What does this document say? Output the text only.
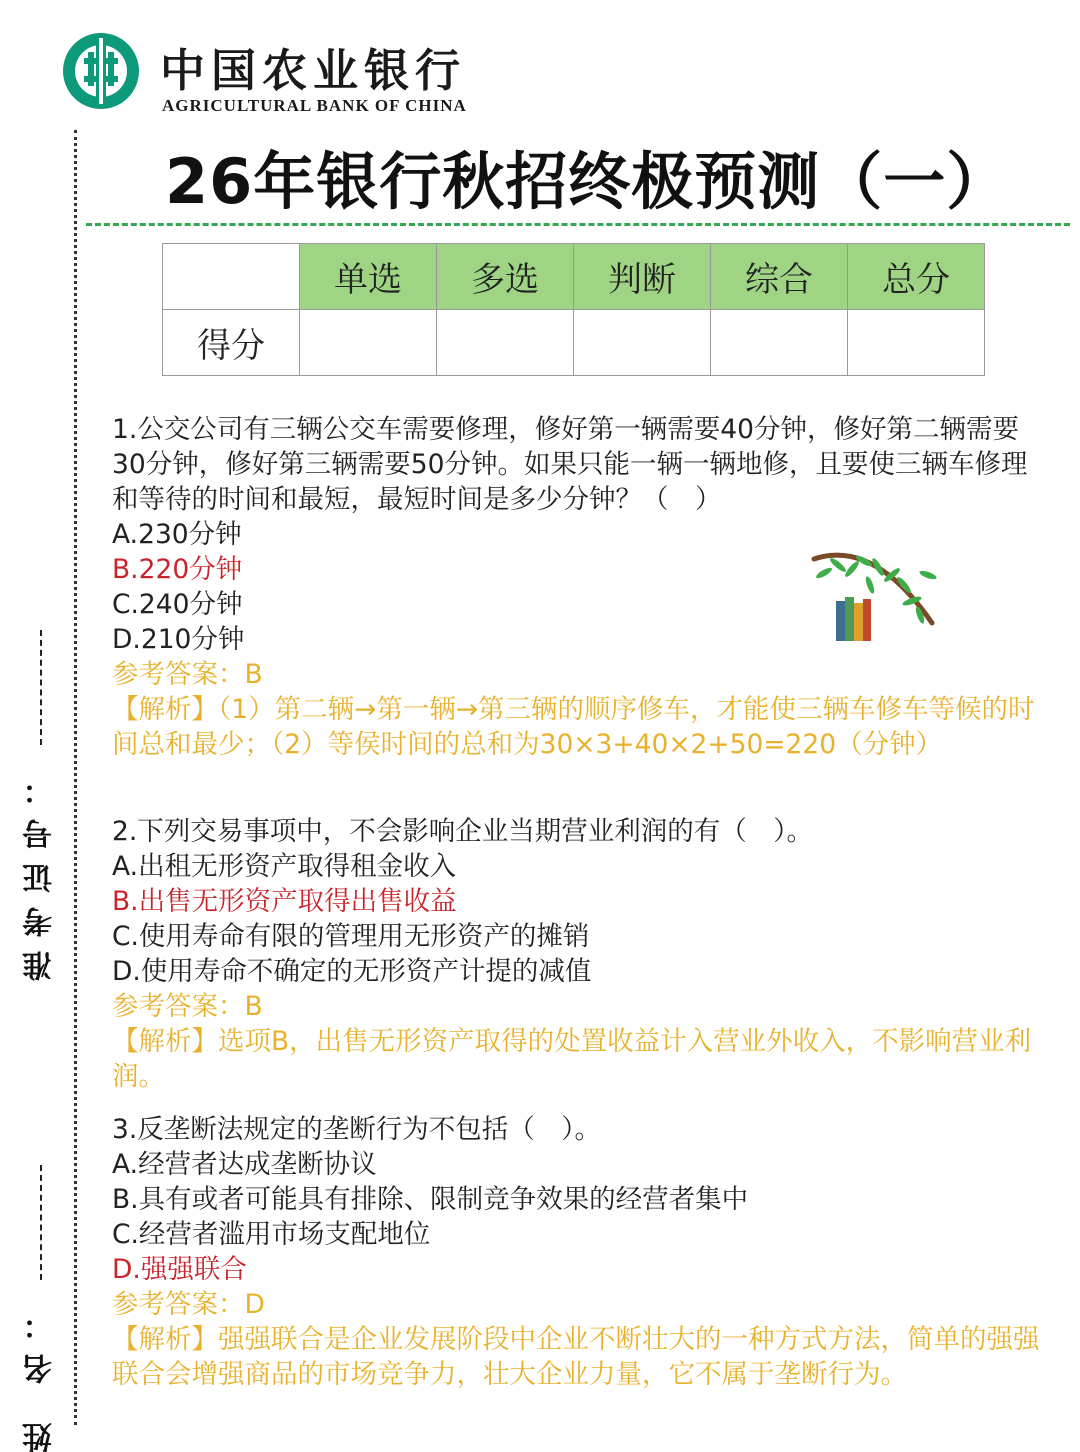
准考证号：
姓 名：
中国农业银行
AGRICULTURAL BANK OF CHINA
26年银行秋招终极预测（一）
	单选	多选	判断	综合	总分
得分					

1.公交公司有三辆公交车需要修理，修好第一辆需要40分钟，修好第二辆需要30分钟，修好第三辆需要50分钟。如果只能一辆一辆地修，且要使三辆车修理和等待的时间和最短，最短时间是多少分钟？（　）

A.230分钟

B.220分钟

C.240分钟

D.210分钟

参考答案：B

【解析】（1）第二辆→第一辆→第三辆的顺序修车，才能使三辆车修车等候的时间总和最少；（2）等侯时间的总和为30×3+40×2+50=220（分钟）

2.下列交易事项中，不会影响企业当期营业利润的有（　）。

A.出租无形资产取得租金收入

B.出售无形资产取得出售收益

C.使用寿命有限的管理用无形资产的摊销

D.使用寿命不确定的无形资产计提的减值

参考答案：B

【解析】选项B，出售无形资产取得的处置收益计入营业外收入，不影响营业利润。

3.反垄断法规定的垄断行为不包括（　）。

A.经营者达成垄断协议

B.具有或者可能具有排除、限制竞争效果的经营者集中

C.经营者滥用市场支配地位

D.强强联合

参考答案：D

【解析】强强联合是企业发展阶段中企业不断壮大的一种方式方法，简单的强强联合会增强商品的市场竞争力，壮大企业力量，它不属于垄断行为。
